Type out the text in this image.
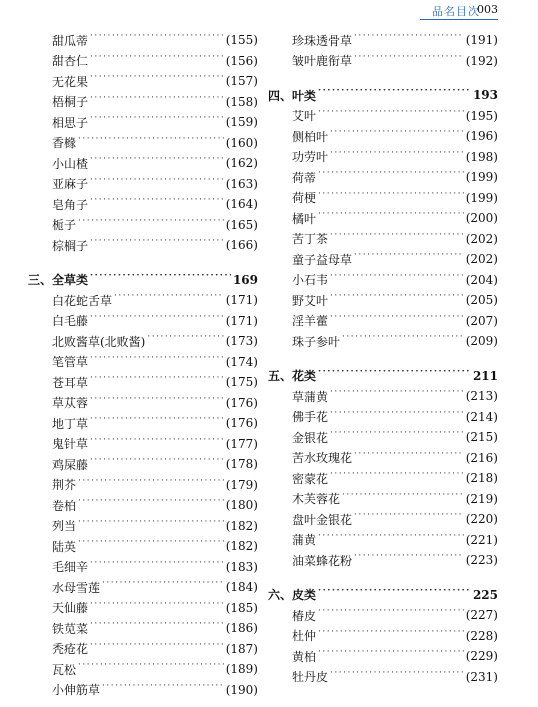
品名目次
003
甜瓜蒂 ·····	(155)
甜杏仁 ·····	(156)
无花果 ·····	(157)
梧桐子 ·····	(158)
相思子 ·····	(159)
香橼 ·····	(160)
小山楂 ·····	(162)
亚麻子 ·····	(163)
皂角子 ·····	(164)
栀子 ·····	(165)
棕榈子 ·····	(166)
三、全草类 ·····	169
白花蛇舌草 ·····	(171)
白毛藤 ·····	(171)
北败酱草(北败酱) ·····	(173)
笔管草 ·····	(174)
苍耳草 ·····	(175)
草苁蓉 ·····	(176)
地丁草 ·····	(176)
鬼针草 ·····	(177)
鸡屎藤 ·····	(178)
荆芥 ·····	(179)
卷柏 ·····	(180)
列当 ·····	(182)
陆英 ·····	(182)
毛细辛 ·····	(183)
水母雪莲 ·····	(184)
天仙藤 ·····	(185)
铁苋菜 ·····	(186)
秃疮花 ·····	(187)
瓦松 ·····	(189)
小伸筋草 ·····	(190)
珍珠透骨草 ·····	(191)
皱叶鹿衔草 ·····	(192)
四、叶类 ·····	193
艾叶 ·····	(195)
侧柏叶 ·····	(196)
功劳叶 ·····	(198)
荷蒂 ·····	(199)
荷梗 ·····	(199)
橘叶 ·····	(200)
苦丁茶 ·····	(202)
童子益母草 ·····	(202)
小石韦 ·····	(204)
野艾叶 ·····	(205)
淫羊藿 ·····	(207)
珠子参叶 ·····	(209)
五、花类 ·····	211
草蒲黄 ·····	(213)
佛手花 ·····	(214)
金银花 ·····	(215)
苦水玫瑰花 ·····	(216)
密蒙花 ·····	(218)
木芙蓉花 ·····	(219)
盘叶金银花 ·····	(220)
蒲黄 ·····	(221)
油菜蜂花粉 ·····	(223)
六、皮类 ·····	225
椿皮 ·····	(227)
杜仲 ·····	(228)
黄柏 ·····	(229)
牡丹皮 ·····	(231)
